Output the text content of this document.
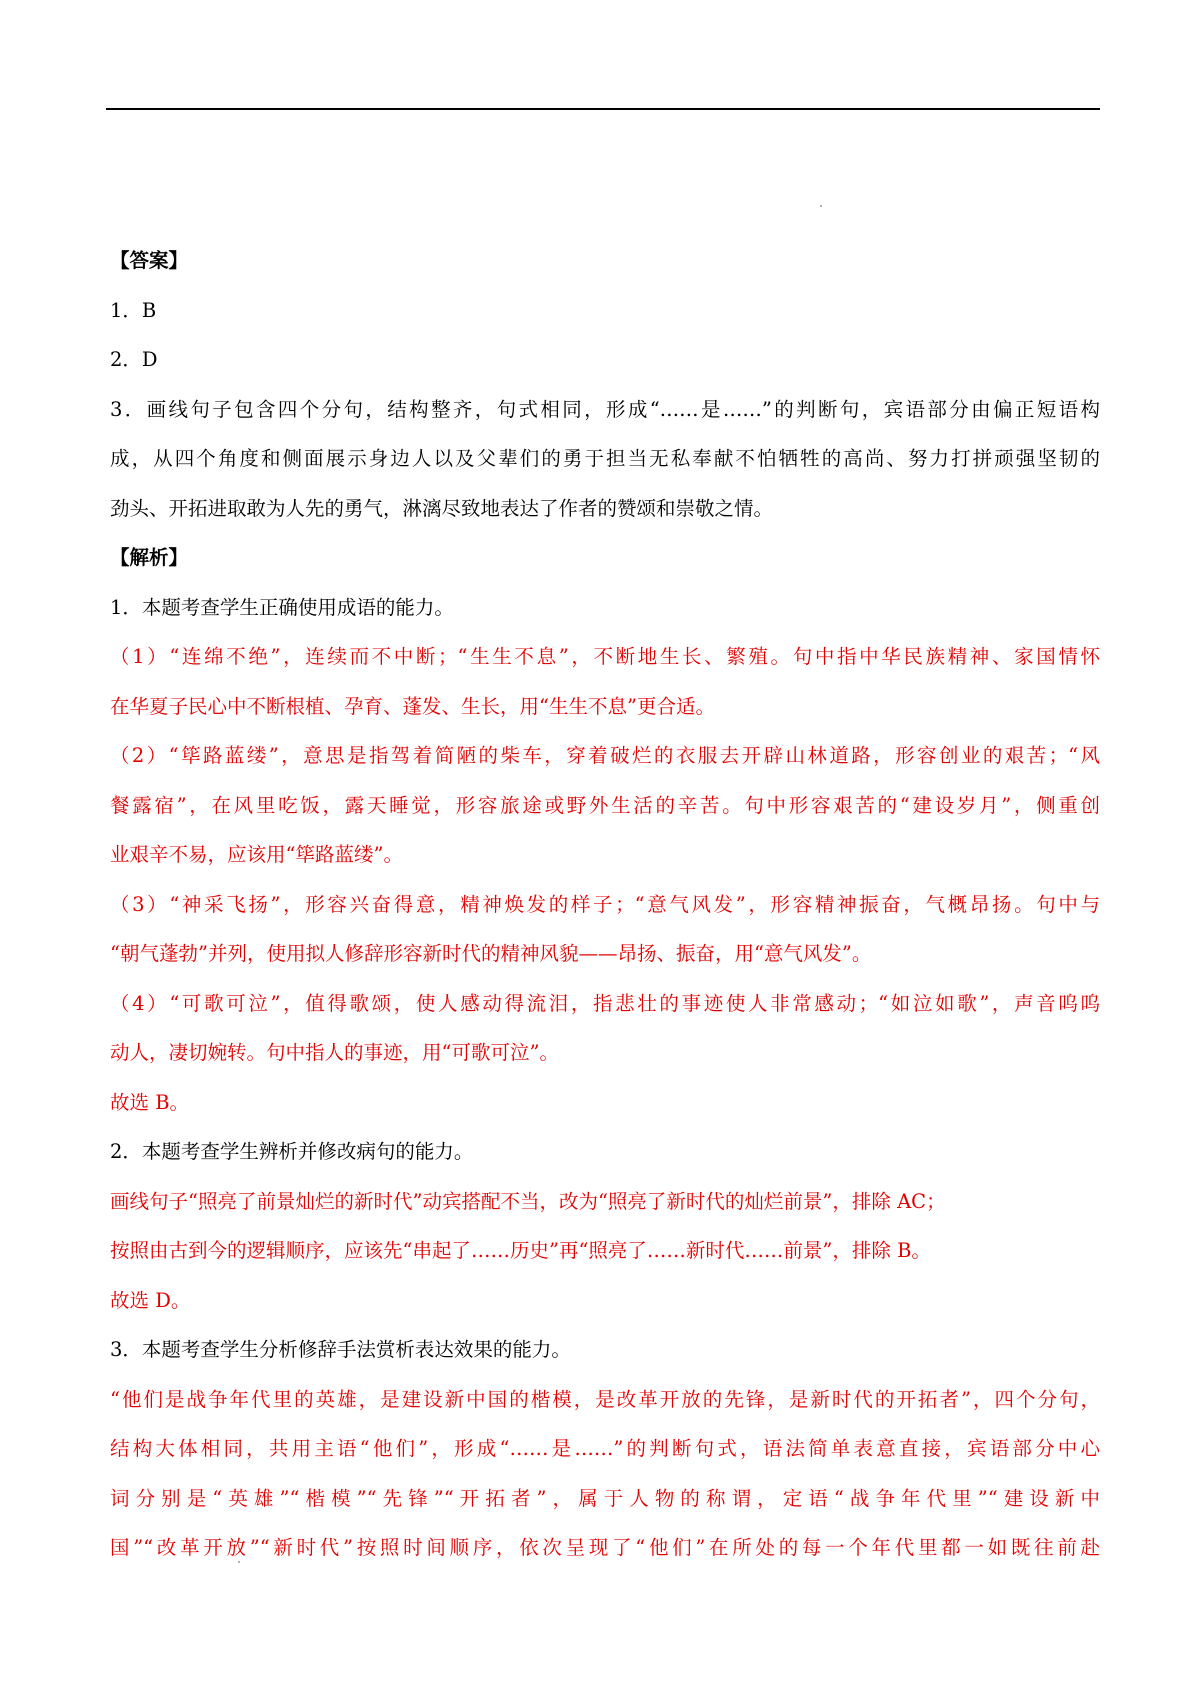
【答案】
1．B
2．D
3．画线句子包含四个分句，结构整齐，句式相同，形成“……是……”的判断句，宾语部分由偏正短语构
成，从四个角度和侧面展示身边人以及父辈们的勇于担当无私奉献不怕牺牲的高尚、努力打拼顽强坚韧的
劲头、开拓进取敢为人先的勇气，淋漓尽致地表达了作者的赞颂和崇敬之情。
【解析】
1．本题考查学生正确使用成语的能力。
（1）“连绵不绝”，连续而不中断；“生生不息”，不断地生长、繁殖。句中指中华民族精神、家国情怀
在华夏子民心中不断根植、孕育、蓬发、生长，用“生生不息”更合适。
（2）“筚路蓝缕”，意思是指驾着简陋的柴车，穿着破烂的衣服去开辟山林道路，形容创业的艰苦；“风
餐露宿”，在风里吃饭，露天睡觉，形容旅途或野外生活的辛苦。句中形容艰苦的“建设岁月”，侧重创
业艰辛不易，应该用“筚路蓝缕”。
（3）“神采飞扬”，形容兴奋得意，精神焕发的样子；“意气风发”，形容精神振奋，气概昂扬。句中与
“朝气蓬勃”并列，使用拟人修辞形容新时代的精神风貌——昂扬、振奋，用“意气风发”。
（4）“可歌可泣”，值得歌颂，使人感动得流泪，指悲壮的事迹使人非常感动；“如泣如歌”，声音呜呜
动人，凄切婉转。句中指人的事迹，用“可歌可泣”。
故选 B。
2．本题考查学生辨析并修改病句的能力。
画线句子“照亮了前景灿烂的新时代”动宾搭配不当，改为“照亮了新时代的灿烂前景”，排除 AC；
按照由古到今的逻辑顺序，应该先“串起了……历史”再“照亮了……新时代……前景”，排除 B。
故选 D。
3．本题考查学生分析修辞手法赏析表达效果的能力。
“他们是战争年代里的英雄，是建设新中国的楷模，是改革开放的先锋，是新时代的开拓者”，四个分句，
结构大体相同，共用主语“他们”，形成“……是……”的判断句式，语法简单表意直接，宾语部分中心
词分别是“英雄”“楷模”“先锋”“开拓者”，属于人物的称谓，定语“战争年代里”“建设新中
国”“改革开放”“新时代”按照时间顺序，依次呈现了“他们”在所处的每一个年代里都一如既往前赴
